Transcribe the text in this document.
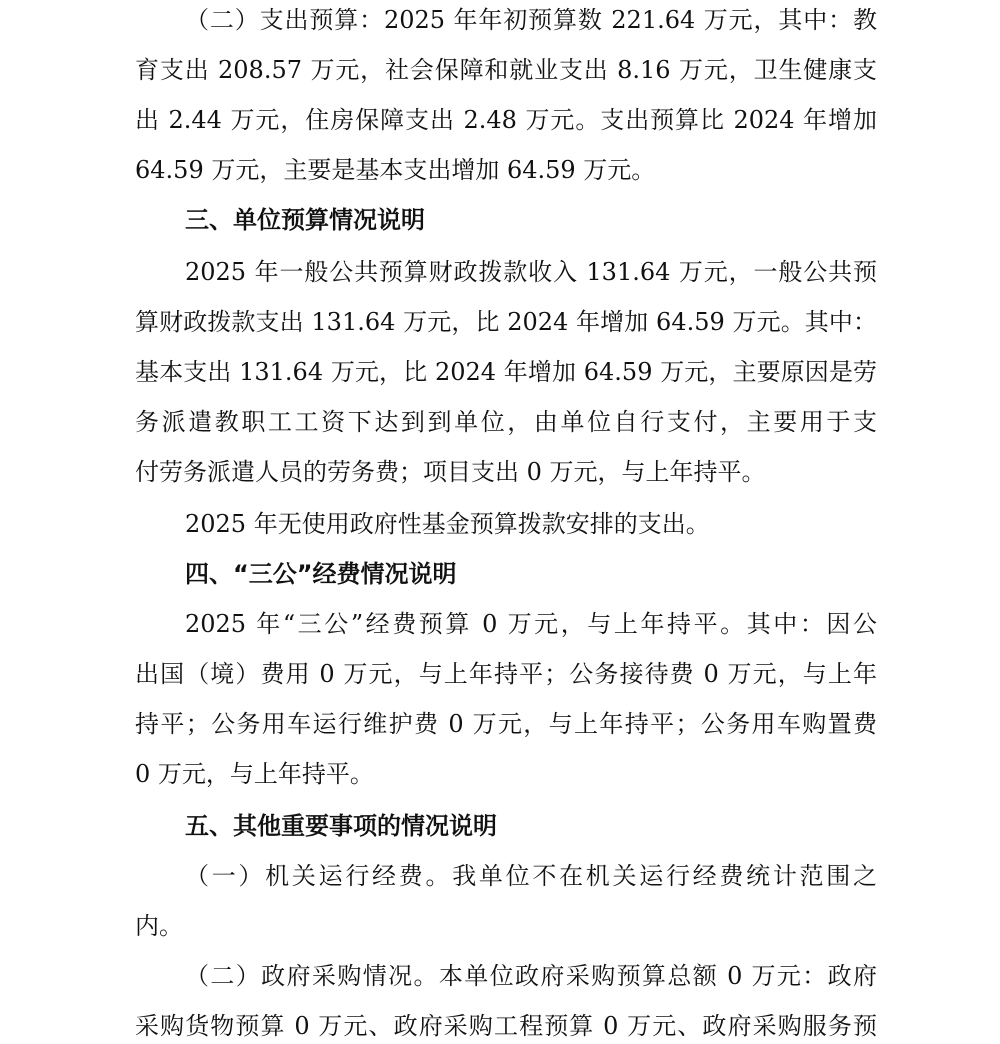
（二）支出预算：2025 年年初预算数 221.64 万元，其中：教
育支出 208.57 万元，社会保障和就业支出 8.16 万元，卫生健康支
出 2.44 万元，住房保障支出 2.48 万元。支出预算比 2024 年增加
64.59 万元，主要是基本支出增加 64.59 万元。
三、单位预算情况说明
2025 年一般公共预算财政拨款收入 131.64 万元，一般公共预
算财政拨款支出 131.64 万元，比 2024 年增加 64.59 万元。其中：
基本支出 131.64 万元，比 2024 年增加 64.59 万元，主要原因是劳
务派遣教职工工资下达到到单位，由单位自行支付，主要用于支
付劳务派遣人员的劳务费；项目支出 0 万元，与上年持平。
2025 年无使用政府性基金预算拨款安排的支出。
四、“三公”经费情况说明
2025 年“三公”经费预算 0 万元，与上年持平。其中：因公
出国（境）费用 0 万元，与上年持平；公务接待费 0 万元，与上年
持平；公务用车运行维护费 0 万元，与上年持平；公务用车购置费
0 万元，与上年持平。
五、其他重要事项的情况说明
（一）机关运行经费。我单位不在机关运行经费统计范围之
内。
（二）政府采购情况。本单位政府采购预算总额 0 万元：政府
采购货物预算 0 万元、政府采购工程预算 0 万元、政府采购服务预
